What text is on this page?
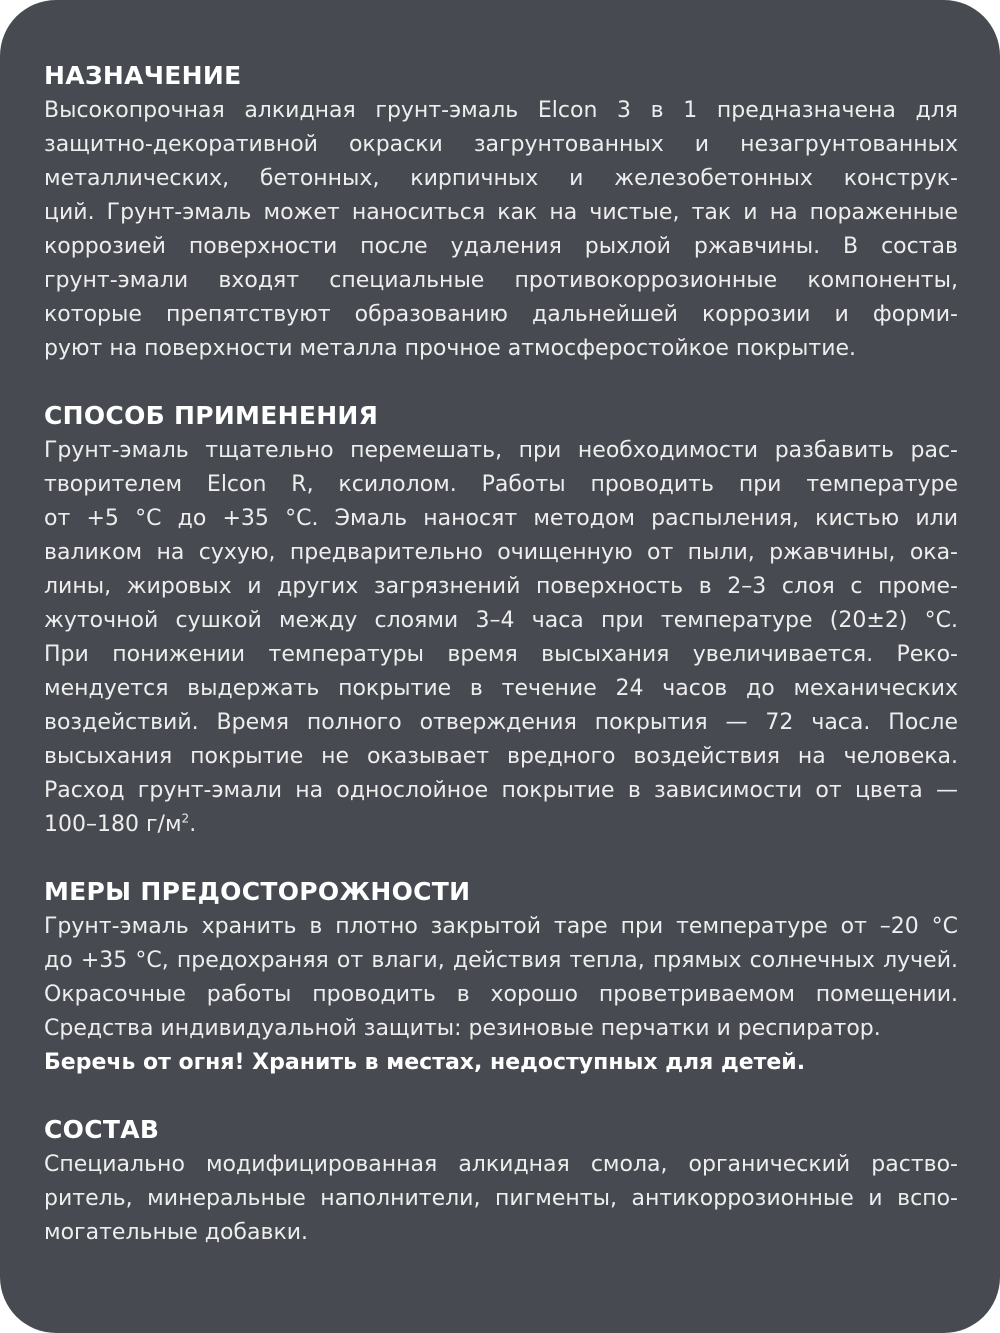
НАЗНАЧЕНИЕ
Высокопрочная алкидная грунт-эмаль Elcon 3 в 1 предназначена для
защитно-декоративной окраски загрунтованных и незагрунтованных
металлических, бетонных, кирпичных и железобетонных конструк-
ций. Грунт-эмаль может наноситься как на чистые, так и на пораженные
коррозией поверхности после удаления рыхлой ржавчины. В состав
грунт-эмали входят специальные противокоррозионные компоненты,
которые препятствуют образованию дальнейшей коррозии и форми-
руют на поверхности металла прочное атмосферостойкое покрытие.
СПОСОБ ПРИМЕНЕНИЯ
Грунт-эмаль тщательно перемешать, при необходимости разбавить рас-
творителем Elcon R, ксилолом. Работы проводить при температуре
от +5 °C до +35 °C. Эмаль наносят методом распыления, кистью или
валиком на сухую, предварительно очищенную от пыли, ржавчины, ока-
лины, жировых и других загрязнений поверхность в 2–3 слоя с проме-
жуточной сушкой между слоями 3–4 часа при температуре (20±2) °C.
При понижении температуры время высыхания увеличивается. Реко-
мендуется выдержать покрытие в течение 24 часов до механических
воздействий. Время полного отверждения покрытия — 72 часа. После
высыхания покрытие не оказывает вредного воздействия на человека.
Расход грунт-эмали на однослойное покрытие в зависимости от цвета —
100–180 $г/м^2$.
МЕРЫ ПРЕДОСТОРОЖНОСТИ
Грунт-эмаль хранить в плотно закрытой таре при температуре от –20 °C
до +35 °C, предохраняя от влаги, действия тепла, прямых солнечных лучей.
Окрасочные работы проводить в хорошо проветриваемом помещении.
Средства индивидуальной защиты: резиновые перчатки и респиратор.
Беречь от огня! Хранить в местах, недоступных для детей.
СОСТАВ
Специально модифицированная алкидная смола, органический раство-
ритель, минеральные наполнители, пигменты, антикоррозионные и вспо-
могательные добавки.
